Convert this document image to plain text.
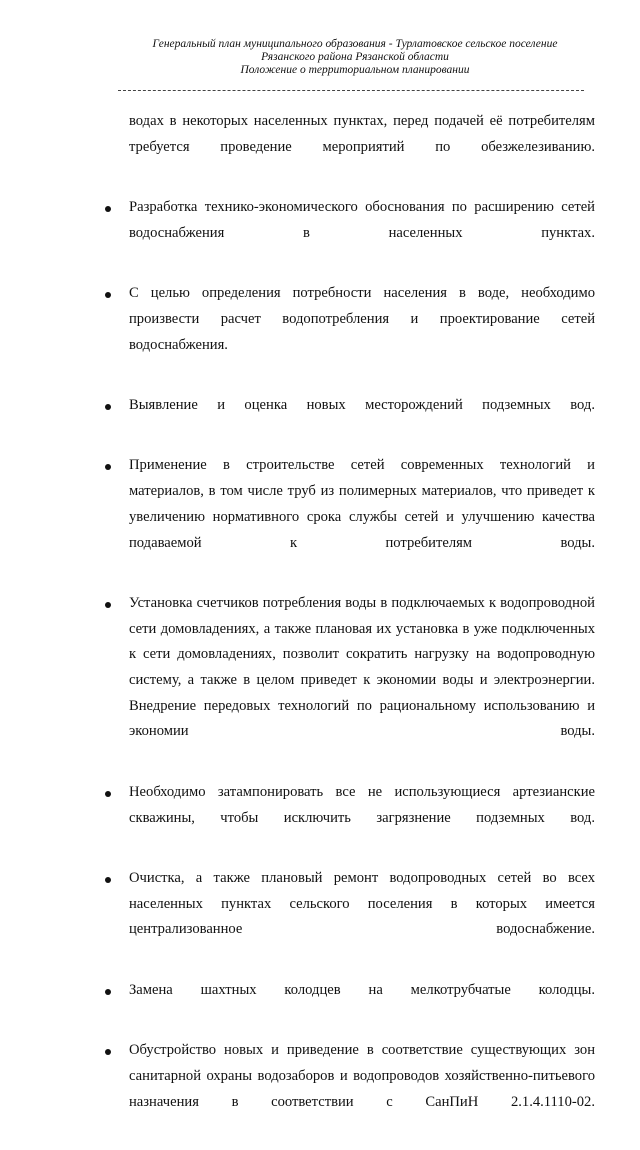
Генеральный план муниципального образования - Турлатовское сельское поселение
Рязанского района Рязанской области
Положение о территориальном планировании
водах в некоторых населенных пунктах, перед подачей её потребителям требуется проведение мероприятий по обезжелезиванию.
Разработка технико-экономического обоснования по расширению сетей водоснабжения в населенных пунктах.
С целью определения потребности населения в воде, необходимо произвести расчет водопотребления и проектирование сетей водоснабжения.
Выявление и оценка новых месторождений подземных вод.
Применение в строительстве сетей современных технологий и материалов, в том числе труб из полимерных материалов, что приведет к увеличению нормативного срока службы сетей и улучшению качества подаваемой к потребителям воды.
Установка счетчиков потребления воды в подключаемых к водопроводной сети домовладениях, а также плановая их установка в уже подключенных к сети домовладениях, позволит сократить нагрузку на водопроводную систему, а также в целом приведет к экономии воды и электроэнергии. Внедрение передовых технологий по рациональному использованию и экономии воды.
Необходимо затампонировать все не использующиеся артезианские скважины, чтобы исключить загрязнение подземных вод.
Очистка, а также плановый ремонт водопроводных сетей во всех населенных пунктах сельского поселения в которых имеется централизованное водоснабжение.
Замена шахтных колодцев на мелкотрубчатые колодцы.
Обустройство новых и приведение в соответствие существующих зон санитарной охраны водозаборов и водопроводов хозяйственно-питьевого назначения в соответствии с СанПиН 2.1.4.1110-02.
